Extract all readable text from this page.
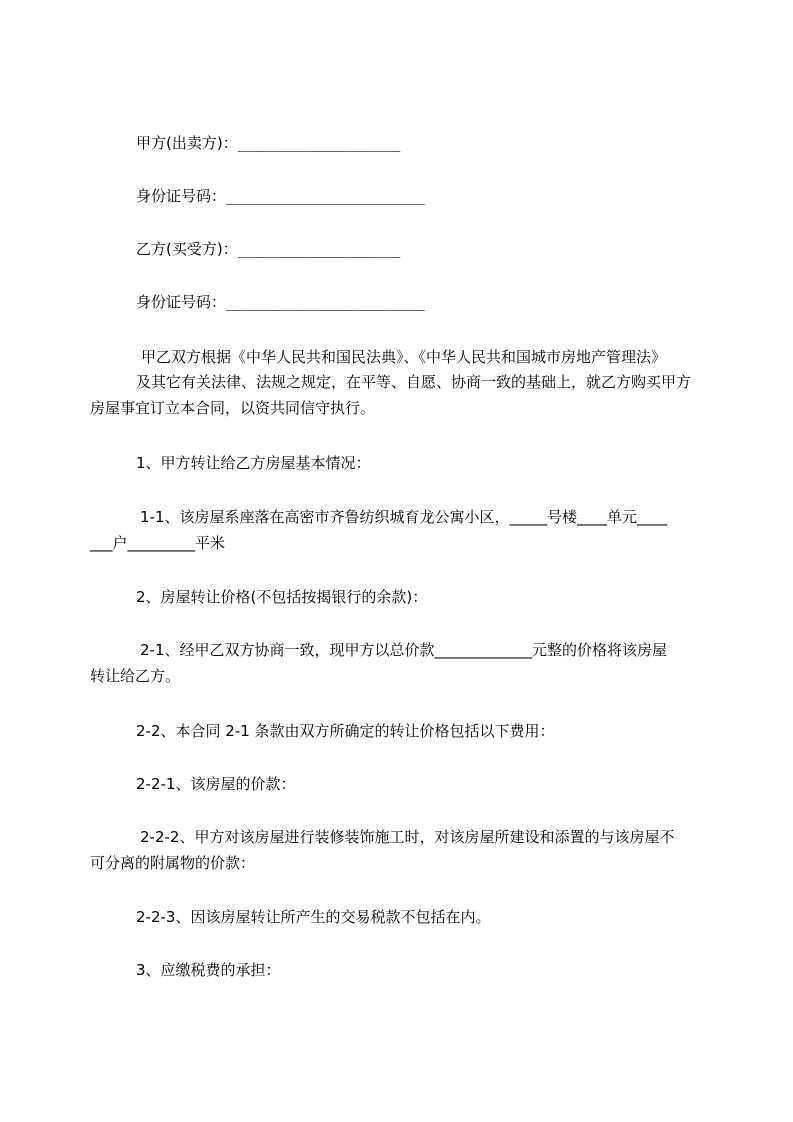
甲方(出卖方)：__________________

身份证号码：______________________

乙方(买受方)：__________________

身份证号码：______________________

甲乙双方根据《中华人民共和国民法典》、《中华人民共和国城市房地产管理法》

及其它有关法律、法规之规定，在平等、自愿、协商一致的基础上，就乙方购买甲方

房屋事宜订立本合同，以资共同信守执行。

1、甲方转让给乙方房屋基本情况：

1-1、该房屋系座落在高密市齐鲁纺织城育龙公寓小区，_____号楼____单元____

___户_________平米

2、房屋转让价格(不包括按揭银行的余款)：

2-1、经甲乙双方协商一致，现甲方以总价款_____________元整的价格将该房屋

转让给乙方。

2-2、本合同 2-1 条款由双方所确定的转让价格包括以下费用：

2-2-1、该房屋的价款：

2-2-2、甲方对该房屋进行装修装饰施工时，对该房屋所建设和添置的与该房屋不

可分离的附属物的价款：

2-2-3、因该房屋转让所产生的交易税款不包括在内。

3、应缴税费的承担：
